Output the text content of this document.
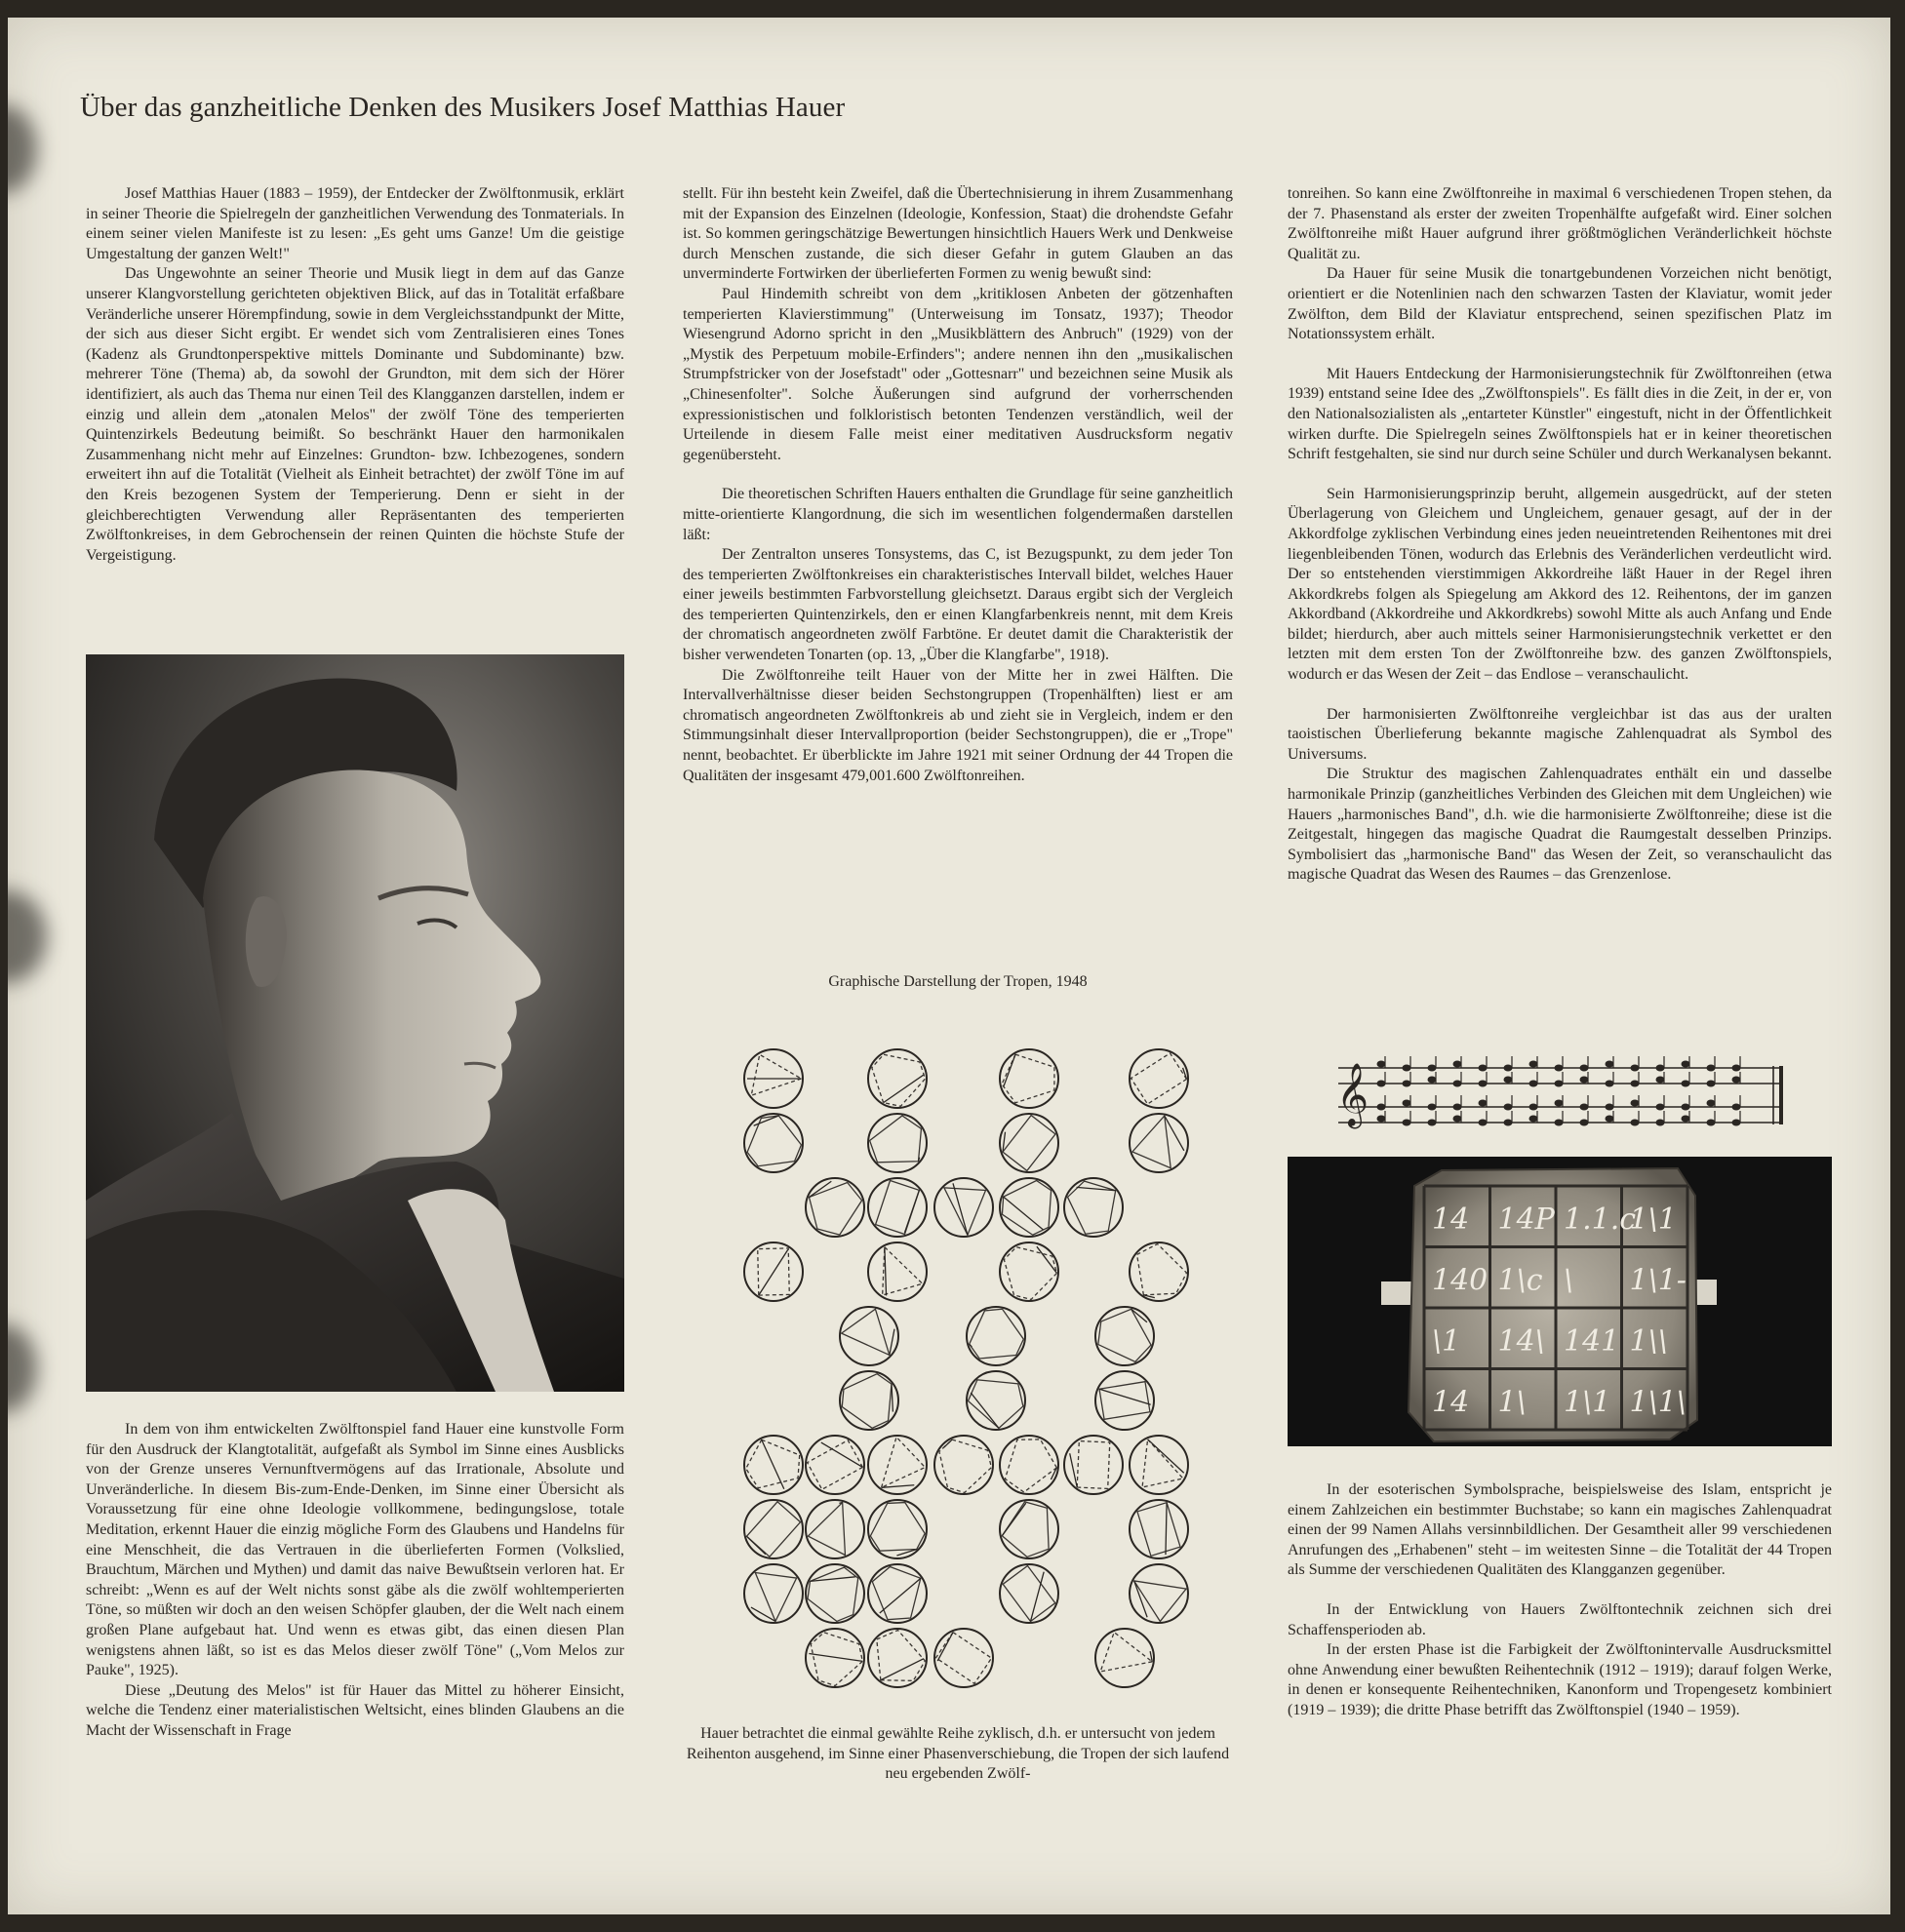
Über das ganzheitliche Denken des Musikers Josef Matthias Hauer

Josef Matthias Hauer (1883 – 1959), der Entdecker der Zwölftonmusik, erklärt in seiner Theorie die Spielregeln der ganzheitlichen Verwendung des Tonmaterials. In einem seiner vielen Manifeste ist zu lesen: „Es geht ums Ganze! Um die geistige Umgestaltung der ganzen Welt!"

Das Ungewohnte an seiner Theorie und Musik liegt in dem auf das Ganze unserer Klangvorstellung gerichteten objektiven Blick, auf das in Totalität erfaßbare Veränderliche unserer Hörempfindung, sowie in dem Vergleichsstandpunkt der Mitte, der sich aus dieser Sicht ergibt. Er wendet sich vom Zentralisieren eines Tones (Kadenz als Grundtonperspektive mittels Dominante und Subdominante) bzw. mehrerer Töne (Thema) ab, da sowohl der Grundton, mit dem sich der Hörer identifiziert, als auch das Thema nur einen Teil des Klangganzen darstellen, indem er einzig und allein dem „atonalen Melos" der zwölf Töne des temperierten Quintenzirkels Bedeutung beimißt. So beschränkt Hauer den harmonikalen Zusammenhang nicht mehr auf Einzelnes: Grundton- bzw. Ichbezogenes, sondern erweitert ihn auf die Totalität (Vielheit als Einheit betrachtet) der zwölf Töne im auf den Kreis bezogenen System der Temperierung. Denn er sieht in der gleichberechtigten Verwendung aller Repräsentanten des temperierten Zwölftonkreises, in dem Gebrochensein der reinen Quinten die höchste Stufe der Vergeistigung.

In dem von ihm entwickelten Zwölftonspiel fand Hauer eine kunstvolle Form für den Ausdruck der Klangtotalität, aufgefaßt als Symbol im Sinne eines Ausblicks von der Grenze unseres Vernunftvermögens auf das Irrationale, Absolute und Unveränderliche. In diesem Bis-zum-Ende-Denken, im Sinne einer Übersicht als Voraussetzung für eine ohne Ideologie vollkommene, bedingungslose, totale Meditation, erkennt Hauer die einzig mögliche Form des Glaubens und Handelns für eine Menschheit, die das Vertrauen in die überlieferten Formen (Volkslied, Brauchtum, Märchen und Mythen) und damit das naive Bewußtsein verloren hat. Er schreibt: „Wenn es auf der Welt nichts sonst gäbe als die zwölf wohltemperierten Töne, so müßten wir doch an den weisen Schöpfer glauben, der die Welt nach einem großen Plane aufgebaut hat. Und wenn es etwas gibt, das einen diesen Plan wenigstens ahnen läßt, so ist es das Melos dieser zwölf Töne" („Vom Melos zur Pauke", 1925).

Diese „Deutung des Melos" ist für Hauer das Mittel zu höherer Einsicht, welche die Tendenz einer materialistischen Weltsicht, eines blinden Glaubens an die Macht der Wissenschaft in Frage

stellt. Für ihn besteht kein Zweifel, daß die Übertechnisierung in ihrem Zusammenhang mit der Expansion des Einzelnen (Ideologie, Konfession, Staat) die drohendste Gefahr ist. So kommen geringschätzige Bewertungen hinsichtlich Hauers Werk und Denkweise durch Menschen zustande, die sich dieser Gefahr in gutem Glauben an das unverminderte Fortwirken der überlieferten Formen zu wenig bewußt sind:

Paul Hindemith schreibt von dem „kritiklosen Anbeten der götzenhaften temperierten Klavierstimmung" (Unterweisung im Tonsatz, 1937); Theodor Wiesengrund Adorno spricht in den „Musikblättern des Anbruch" (1929) von der „Mystik des Perpetuum mobile-Erfinders"; andere nennen ihn den „musikalischen Strumpfstricker von der Josefstadt" oder „Gottesnarr" und bezeichnen seine Musik als „Chinesenfolter". Solche Äußerungen sind aufgrund der vorherrschenden expressionistischen und folkloristisch betonten Tendenzen verständlich, weil der Urteilende in diesem Falle meist einer meditativen Ausdrucksform negativ gegenübersteht.

Die theoretischen Schriften Hauers enthalten die Grundlage für seine ganzheitlich mitte-orientierte Klangordnung, die sich im wesentlichen folgendermaßen darstellen läßt:

Der Zentralton unseres Tonsystems, das C, ist Bezugspunkt, zu dem jeder Ton des temperierten Zwölftonkreises ein charakteristisches Intervall bildet, welches Hauer einer jeweils bestimmten Farbvorstellung gleichsetzt. Daraus ergibt sich der Vergleich des temperierten Quintenzirkels, den er einen Klangfarbenkreis nennt, mit dem Kreis der chromatisch angeordneten zwölf Farbtöne. Er deutet damit die Charakteristik der bisher verwendeten Tonarten (op. 13, „Über die Klangfarbe", 1918).

Die Zwölftonreihe teilt Hauer von der Mitte her in zwei Hälften. Die Intervallverhältnisse dieser beiden Sechstongruppen (Tropenhälften) liest er am chromatisch angeordneten Zwölftonkreis ab und zieht sie in Vergleich, indem er den Stimmungsinhalt dieser Intervallproportion (beider Sechstongruppen), die er „Trope" nennt, beobachtet. Er überblickte im Jahre 1921 mit seiner Ordnung der 44 Tropen die Qualitäten der insgesamt 479,001.600 Zwölftonreihen.

Graphische Darstellung der Tropen, 1948

Hauer betrachtet die einmal gewählte Reihe zyklisch, d.h. er untersucht von jedem Reihenton ausgehend, im Sinne einer Phasenverschiebung, die Tropen der sich laufend neu ergebenden Zwölf-

tonreihen. So kann eine Zwölftonreihe in maximal 6 verschiedenen Tropen stehen, da der 7. Phasenstand als erster der zweiten Tropenhälfte aufgefaßt wird. Einer solchen Zwölftonreihe mißt Hauer aufgrund ihrer größtmöglichen Veränderlichkeit höchste Qualität zu.

Da Hauer für seine Musik die tonartgebundenen Vorzeichen nicht benötigt, orientiert er die Notenlinien nach den schwarzen Tasten der Klaviatur, womit jeder Zwölfton, dem Bild der Klaviatur entsprechend, seinen spezifischen Platz im Notationssystem erhält.

Mit Hauers Entdeckung der Harmonisierungstechnik für Zwölftonreihen (etwa 1939) entstand seine Idee des „Zwölftonspiels". Es fällt dies in die Zeit, in der er, von den Nationalsozialisten als „entarteter Künstler" eingestuft, nicht in der Öffentlichkeit wirken durfte. Die Spielregeln seines Zwölftonspiels hat er in keiner theoretischen Schrift festgehalten, sie sind nur durch seine Schüler und durch Werkanalysen bekannt.

Sein Harmonisierungsprinzip beruht, allgemein ausgedrückt, auf der steten Überlagerung von Gleichem und Ungleichem, genauer gesagt, auf der in der Akkordfolge zyklischen Verbindung eines jeden neueintretenden Reihentones mit drei liegenbleibenden Tönen, wodurch das Erlebnis des Veränderlichen verdeutlicht wird. Der so entstehenden vierstimmigen Akkordreihe läßt Hauer in der Regel ihren Akkordkrebs folgen als Spiegelung am Akkord des 12. Reihentons, der im ganzen Akkordband (Akkordreihe und Akkordkrebs) sowohl Mitte als auch Anfang und Ende bildet; hierdurch, aber auch mittels seiner Harmonisierungstechnik verkettet er den letzten mit dem ersten Ton der Zwölftonreihe bzw. des ganzen Zwölftonspiels, wodurch er das Wesen der Zeit – das Endlose – veranschaulicht.

Der harmonisierten Zwölftonreihe vergleichbar ist das aus der uralten taoistischen Überlieferung bekannte magische Zahlenquadrat als Symbol des Universums.

Die Struktur des magischen Zahlenquadrates enthält ein und dasselbe harmonikale Prinzip (ganzheitliches Verbinden des Gleichen mit dem Ungleichen) wie Hauers „harmonisches Band", d.h. wie die harmonisierte Zwölftonreihe; diese ist die Zeitgestalt, hingegen das magische Quadrat die Raumgestalt desselben Prinzips. Symbolisiert das „harmonische Band" das Wesen der Zeit, so veranschaulicht das magische Quadrat das Wesen des Raumes – das Grenzenlose.

𝄞
14 14P 1.1.c
1\1
140 1\c \ 1\1-
\1 14\ 141 1\\
14 1\ 1\1 1\1\

In der esoterischen Symbolsprache, beispielsweise des Islam, entspricht je einem Zahlzeichen ein bestimmter Buchstabe; so kann ein magisches Zahlenquadrat einen der 99 Namen Allahs versinnbildlichen. Der Gesamtheit aller 99 verschiedenen Anrufungen des „Erhabenen" steht – im weitesten Sinne – die Totalität der 44 Tropen als Summe der verschiedenen Qualitäten des Klangganzen gegenüber.

In der Entwicklung von Hauers Zwölftontechnik zeichnen sich drei Schaffensperioden ab.

In der ersten Phase ist die Farbigkeit der Zwölftonintervalle Ausdrucksmittel ohne Anwendung einer bewußten Reihentechnik (1912 – 1919); darauf folgen Werke, in denen er konsequente Reihentechniken, Kanonform und Tropengesetz kombiniert (1919 – 1939); die dritte Phase betrifft das Zwölftonspiel (1940 – 1959).
